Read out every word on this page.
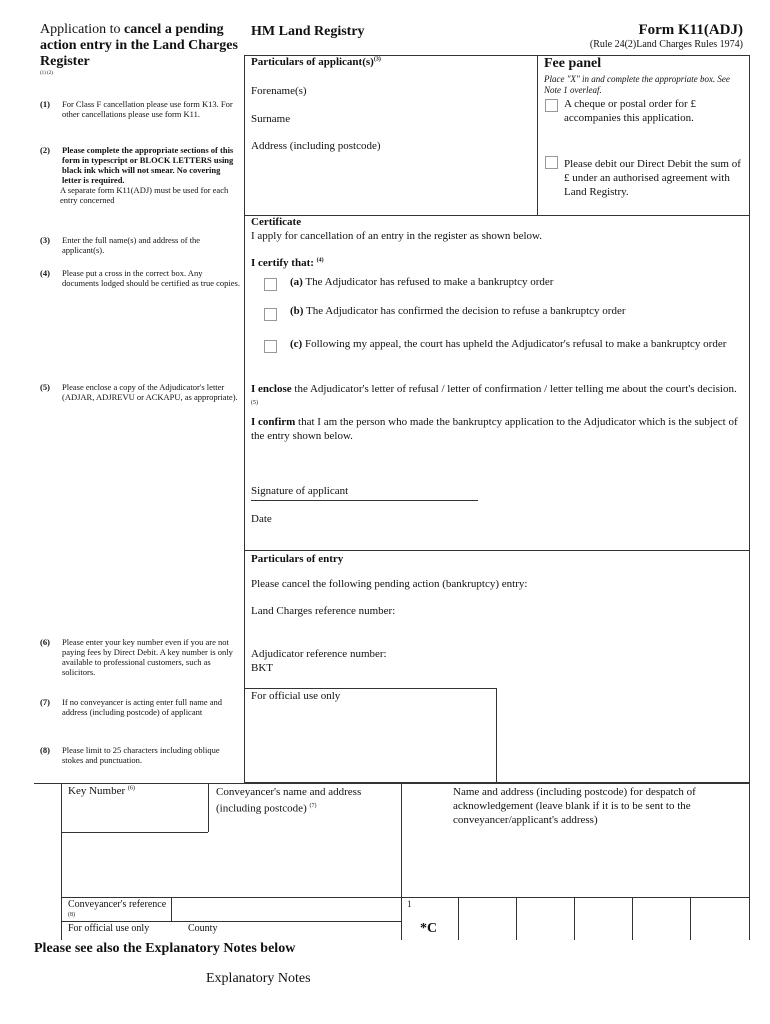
Application to cancel a pending action entry in the Land Charges Register
(1) (2)
HM Land Registry	Form K11(ADJ)
(Rule 24(2)Land Charges Rules 1974)
(1) For Class F cancellation please use form K13. For other cancellations please use form K11.
(2) Please complete the appropriate sections of this form in typescript or BLOCK LETTERS using black ink which will not smear. No covering letter is required.
A separate form K11(ADJ) must be used for each entry concerned
(3) Enter the full name(s) and address of the applicant(s).
(4) Please put a cross in the correct box. Any documents lodged should be certified as true copies.
(5) Please enclose a copy of the Adjudicator's letter (ADJAR, ADJREVU or ACKAPU, as appropriate).
(6) Please enter your key number even if you are not paying fees by Direct Debit. A key number is only available to professional customers, such as solicitors.
(7) If no conveyancer is acting enter full name and address (including postcode) of applicant
(8) Please limit to 25 characters including oblique stokes and punctuation.
Particulars of $applicant(s)^{(3)}$
Forename(s)
Surname
Address (including postcode)
Fee panel
Place "X" in and complete the appropriate box. See Note 1 overleaf.
A cheque or postal order for £ accompanies this application.
Please debit our Direct Debit the sum of £ under an authorised agreement with Land Registry.
Certificate
I apply for cancellation of an entry in the register as shown below.
I certify that: $^{(4)}$
(a) The Adjudicator has refused to make a bankruptcy order
(b) The Adjudicator has confirmed the decision to refuse a bankruptcy order
(c) Following my appeal, the court has upheld the Adjudicator's refusal to make a bankruptcy order
I enclose the Adjudicator's letter of refusal / letter of confirmation / letter telling me about the court's decision. $^{(5)}$
I confirm that I am the person who made the bankruptcy application to the Adjudicator which is the subject of the entry shown below.
Signature of applicant
Date
Particulars of entry
Please cancel the following pending action (bankruptcy) entry:
Land Charges reference number:
Adjudicator reference number:
BKT
For official use only
Key Number $^{(6)}$	Conveyancer's name and address (including postcode) $^{(7)}$
Name and address (including postcode) for despatch of acknowledgement (leave blank if it is to be sent to the conveyancer/applicant's address)
Conveyancer's reference $^{(8)}$
For official use only	County
1
*C
Please see also the Explanatory Notes below
Explanatory Notes
